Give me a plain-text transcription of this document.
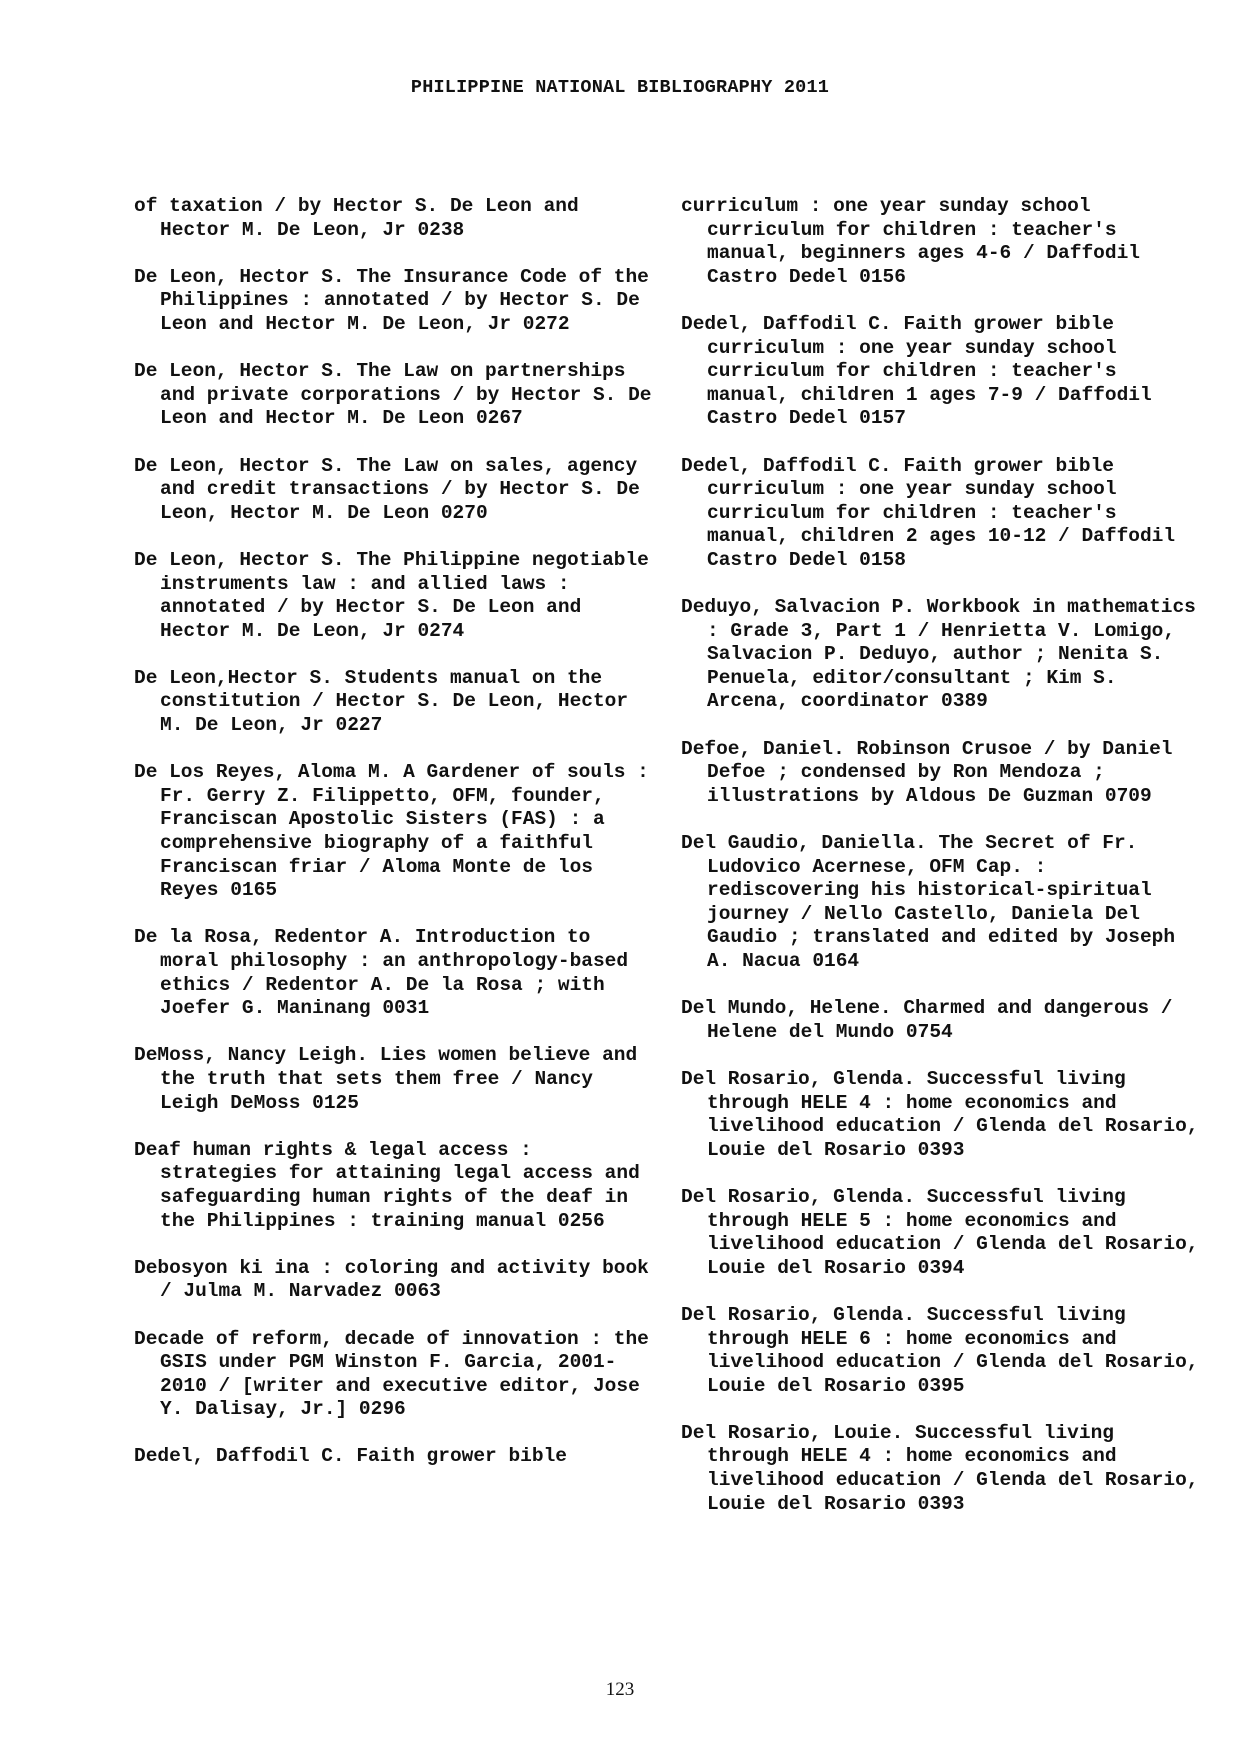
PHILIPPINE NATIONAL BIBLIOGRAPHY 2011

of taxation / by Hector S. De Leon and Hector M. De Leon, Jr 0238

De Leon, Hector S. The Insurance Code of the Philippines : annotated / by Hector S. De Leon and Hector M. De Leon, Jr 0272

De Leon, Hector S. The Law on partnerships and private corporations / by Hector S. De Leon and Hector M. De Leon 0267

De Leon, Hector S. The Law on sales, agency and credit transactions / by Hector S. De Leon, Hector M. De Leon 0270

De Leon, Hector S. The Philippine negotiable instruments law : and allied laws : annotated / by Hector S. De Leon and Hector M. De Leon, Jr 0274

De Leon,Hector S. Students manual on the constitution / Hector S. De Leon, Hector M. De Leon, Jr 0227

De Los Reyes, Aloma M. A Gardener of souls : Fr. Gerry Z. Filippetto, OFM, founder, Franciscan Apostolic Sisters (FAS) : a comprehensive biography of a faithful Franciscan friar / Aloma Monte de los Reyes 0165

De la Rosa, Redentor A. Introduction to moral philosophy : an anthropology-based ethics / Redentor A. De la Rosa ; with Joefer G. Maninang 0031

DeMoss, Nancy Leigh. Lies women believe and the truth that sets them free / Nancy Leigh DeMoss 0125

Deaf human rights & legal access : strategies for attaining legal access and safeguarding human rights of the deaf in the Philippines : training manual 0256

Debosyon ki ina : coloring and activity book / Julma M. Narvadez 0063

Decade of reform, decade of innovation : the GSIS under PGM Winston F. Garcia, 2001-2010 / [writer and executive editor, Jose Y. Dalisay, Jr.] 0296

Dedel, Daffodil C. Faith grower bible

curriculum : one year sunday school curriculum for children : teacher's manual, beginners ages 4-6 / Daffodil Castro Dedel 0156

Dedel, Daffodil C. Faith grower bible curriculum : one year sunday school curriculum for children : teacher's manual, children 1 ages 7-9 / Daffodil Castro Dedel 0157

Dedel, Daffodil C. Faith grower bible curriculum : one year sunday school curriculum for children : teacher's manual, children 2 ages 10-12 / Daffodil Castro Dedel 0158

Deduyo, Salvacion P. Workbook in mathematics : Grade 3, Part 1 / Henrietta V. Lomigo, Salvacion P. Deduyo, author ; Nenita S. Penuela, editor/consultant ; Kim S. Arcena, coordinator 0389

Defoe, Daniel. Robinson Crusoe / by Daniel Defoe ; condensed by Ron Mendoza ; illustrations by Aldous De Guzman 0709

Del Gaudio, Daniella. The Secret of Fr. Ludovico Acernese, OFM Cap. : rediscovering his historical-spiritual journey / Nello Castello, Daniela Del Gaudio ; translated and edited by Joseph A. Nacua 0164

Del Mundo, Helene. Charmed and dangerous / Helene del Mundo 0754

Del Rosario, Glenda. Successful living through HELE 4 : home economics and livelihood education / Glenda del Rosario, Louie del Rosario 0393

Del Rosario, Glenda. Successful living through HELE 5 : home economics and livelihood education / Glenda del Rosario, Louie del Rosario 0394

Del Rosario, Glenda. Successful living through HELE 6 : home economics and livelihood education / Glenda del Rosario, Louie del Rosario 0395

Del Rosario, Louie. Successful living through HELE 4 : home economics and livelihood education / Glenda del Rosario, Louie del Rosario 0393

123
